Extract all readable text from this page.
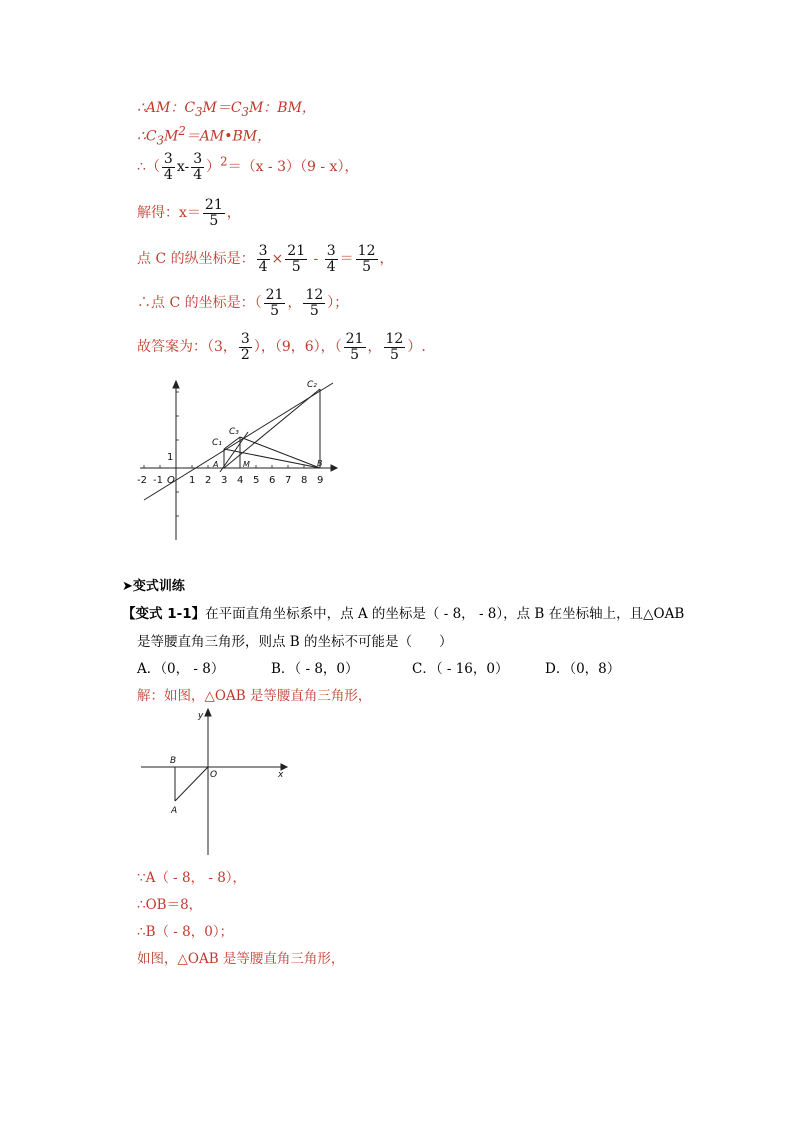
∴AM：$C_3M=C_3M$：BM，
$\therefore C_3M^2=AM•BM$，
∴（ $\frac{3}{4} x- \frac{3}{4} )^2=(x - 3)(9 - x)$，
解得：$x= \frac{21}{5}$ ，
点 C 的纵坐标是： $\frac{3}{4} \times \frac{21}{5} - \frac{3}{4} = \frac{12}{5}$ ，
∴点 C 的坐标是：（ $\frac{21}{5}$ ， $\frac{12}{5}$ ）；
故答案为：（3， $\frac{3}{2}$ ），（9，6），（ $\frac{21}{5}$ ， $\frac{12}{5}$ ）.
-2 -1 O 1 2 3 4 5 6 7 8 9
1
C₂
C₃
C₁
A	M	B
➤变式训练
【变式 1-1】在平面直角坐标系中，点 A 的坐标是（ - 8， - 8），点 B 在坐标轴上，且△OAB
是等腰直角三角形，则点 B 的坐标不可能是（　　）
A．（0， - 8）	B．（ - 8，0）	C．（ - 16，0）	D．（0，8）
解：如图，△OAB 是等腰直角三角形，
y
x
O
B
A
∵A（ - 8， - 8），
∴OB＝8，
∴B（ - 8，0）；
如图，△OAB 是等腰直角三角形，
